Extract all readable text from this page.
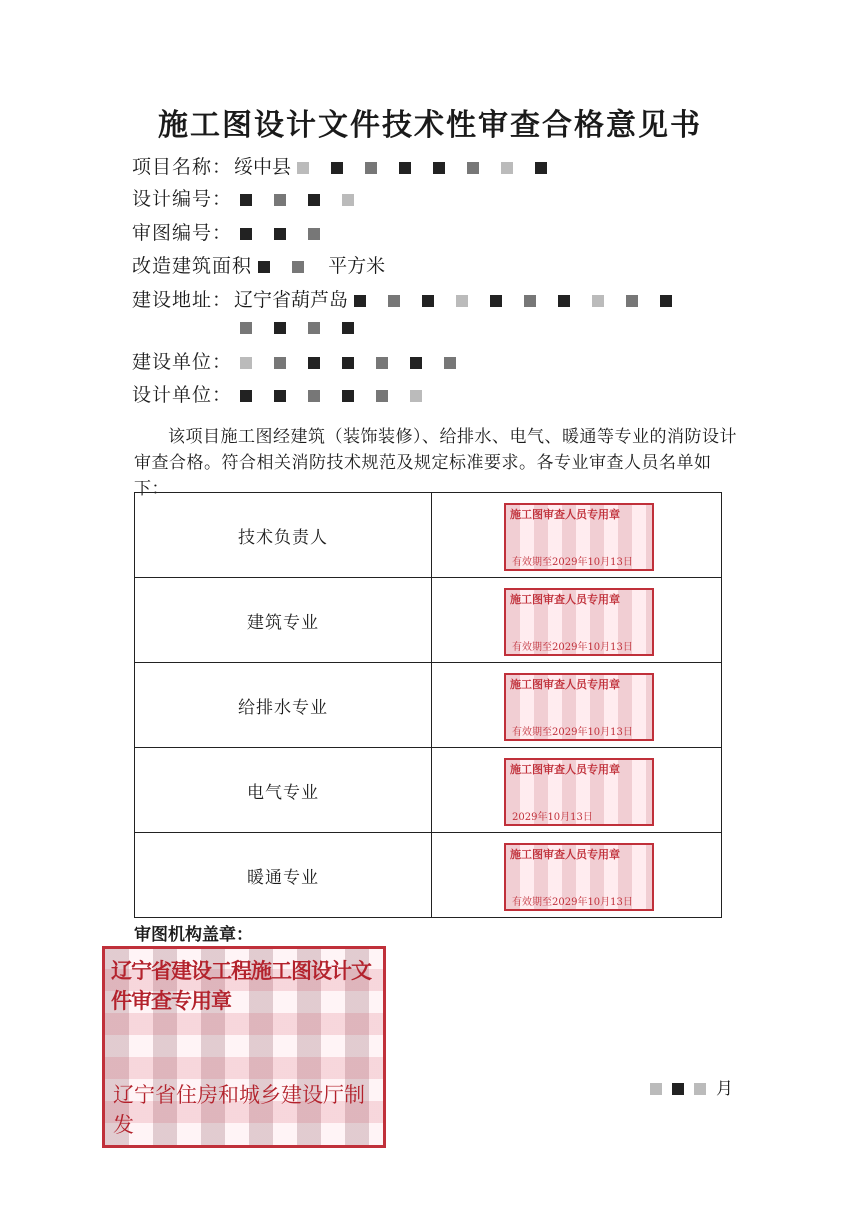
施工图设计文件技术性审查合格意见书
项目名称： 绥中县
设计编号：
审图编号：
改造建筑面积	平方米
建设地址： 辽宁省葫芦岛
建设单位：
设计单位：
该项目施工图经建筑（装饰装修）、给排水、电气、暖通等专业的消防设计审查合格。符合相关消防技术规范及规定标准要求。各专业审查人员名单如下：
技术负责人	施工图审查人员专用章
有效期至2029年10月13日

建筑专业	施工图审查人员专用章
有效期至2029年10月13日

给排水专业	施工图审查人员专用章
有效期至2029年10月13日

电气专业	施工图审查人员专用章
2029年10月13日

暖通专业	施工图审查人员专用章
有效期至2029年10月13日
审图机构盖章：
辽宁省建设工程施工图设计文件审查专用章
辽宁省住房和城乡建设厅制发
月
